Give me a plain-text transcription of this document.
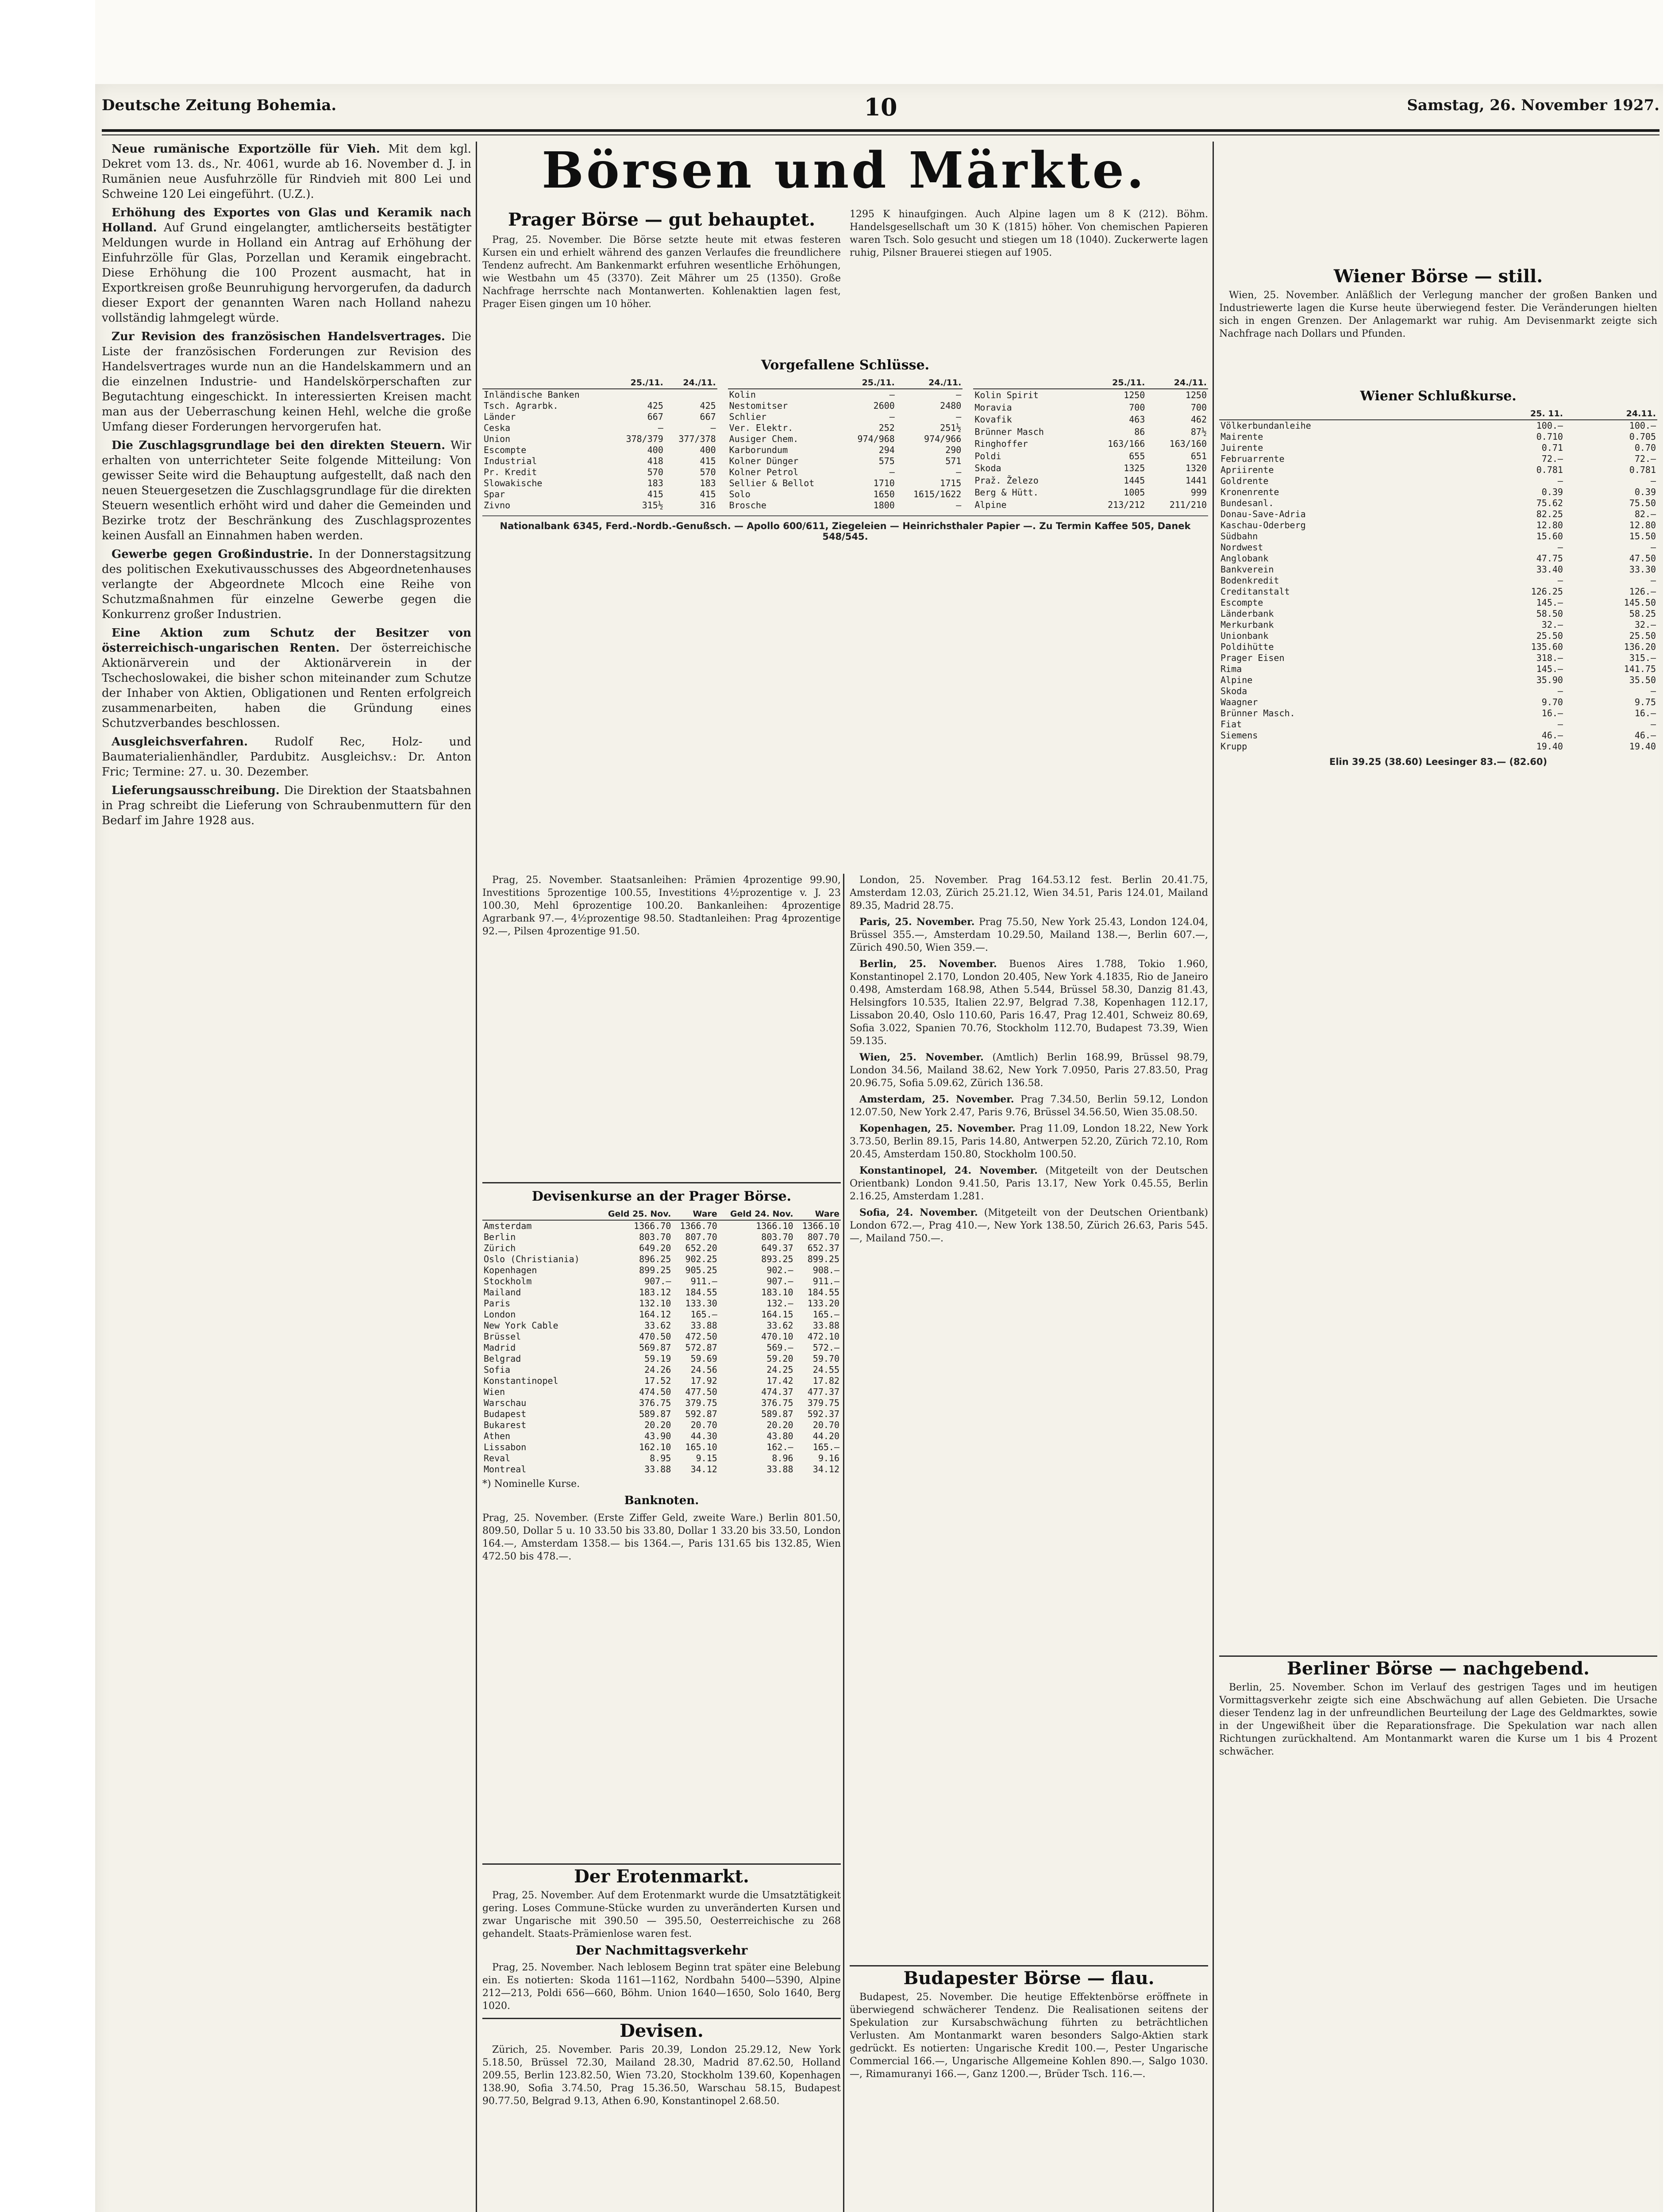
Deutsche Zeitung Bohemia.	10	Samstag, 26. November 1927.

Neue rumänische Exportzölle für Vieh. Mit dem kgl. Dekret vom 13. ds., Nr. 4061, wurde ab 16. November d. J. in Rumänien neue Ausfuhrzölle für Rindvieh mit 800 Lei und Schweine 120 Lei eingeführt. (U.Z.).

Erhöhung des Exportes von Glas und Keramik nach Holland. Auf Grund eingelangter, amtlicherseits bestätigter Meldungen wurde in Holland ein Antrag auf Erhöhung der Einfuhrzölle für Glas, Porzellan und Keramik eingebracht. Diese Erhöhung die 100 Prozent ausmacht, hat in Exportkreisen große Beunruhigung hervorgerufen, da dadurch dieser Export der genannten Waren nach Holland nahezu vollständig lahmgelegt würde.

Zur Revision des französischen Handelsvertrages. Die Liste der französischen Forderungen zur Revision des Handelsvertrages wurde nun an die Handelskammern und an die einzelnen Industrie- und Handelskörperschaften zur Begutachtung eingeschickt. In interessierten Kreisen macht man aus der Ueberraschung keinen Hehl, welche die große Umfang dieser Forderungen hervorgerufen hat.

Die Zuschlagsgrundlage bei den direkten Steuern. Wir erhalten von unterrichteter Seite folgende Mitteilung: Von gewisser Seite wird die Behauptung aufgestellt, daß nach den neuen Steuergesetzen die Zuschlagsgrundlage für die direkten Steuern wesentlich erhöht wird und daher die Gemeinden und Bezirke trotz der Beschränkung des Zuschlagsprozentes keinen Ausfall an Einnahmen haben werden.

Gewerbe gegen Großindustrie. In der Donnerstagsitzung des politischen Exekutivausschusses des Abgeordnetenhauses verlangte der Abgeordnete Mlcoch eine Reihe von Schutzmaßnahmen für einzelne Gewerbe gegen die Konkurrenz großer Industrien.

Eine Aktion zum Schutz der Besitzer von österreichisch-ungarischen Renten. Der österreichische Aktionärverein und der Aktionärverein in der Tschechoslowakei, die bisher schon miteinander zum Schutze der Inhaber von Aktien, Obligationen und Renten erfolgreich zusammenarbeiten, haben die Gründung eines Schutzverbandes beschlossen.

Ausgleichsverfahren. Rudolf Rec, Holz- und Baumaterialienhändler, Pardubitz. Ausgleichsv.: Dr. Anton Fric; Termine: 27. u. 30. Dezember.

Lieferungsausschreibung. Die Direktion der Staatsbahnen in Prag schreibt die Lieferung von Schraubenmuttern für den Bedarf im Jahre 1928 aus.

Börsen und Märkte.
Prager Börse — gut behauptet.

Prag, 25. November. Die Börse setzte heute mit etwas festeren Kursen ein und erhielt während des ganzen Verlaufes die freundlichere Tendenz aufrecht. Am Bankenmarkt erfuhren wesentliche Erhöhungen, wie Westbahn um 45 (3370). Zeit Mährer um 25 (1350). Große Nachfrage herrschte nach Montanwerten. Kohlenaktien lagen fest, Prager Eisen gingen um 10 höher.

1295 K hinaufgingen. Auch Alpine lagen um 8 K (212). Böhm. Handelsgesellschaft um 30 K (1815) höher. Von chemischen Papieren waren Tsch. Solo gesucht und stiegen um 18 (1040). Zuckerwerte lagen ruhig, Pilsner Brauerei stiegen auf 1905.

Vorgefallene Schlüsse.
	25./11.	24./11.
Inländische Banken		
Tsch. Agrarbk.	425	425
Länder	667	667
Ceska	—	—
Union	378/379	377/378
Escompte	400	400
Industrial	418	415
Pr. Kredit	570	570
Slowakische	183	183
Spar	415	415
Zivno	315½	316
	25./11.	24./11.
Kolin	—	—
Nestomitser	2600	2480
Schlier	—	—
Ver. Elektr.	252	251½
Ausiger Chem.	974/968	974/966
Karborundum	294	290
Kolner Dünger	575	571
Kolner Petrol	—	—
Sellier & Bellot	1710	1715
Solo	1650	1615/1622
Brosche	1800	—
	25./11.	24./11.
Kolin Spirit	1250	1250
Moravia	700	700
Kovafik	463	462
Brünner Masch	86	87½
Ringhoffer	163/166	163/160
Poldi	655	651
Skoda	1325	1320
Praž. Železo	1445	1441
Berg & Hütt.	1005	999
Alpine	213/212	211/210
Nationalbank 6345, Ferd.-Nordb.-Genußsch. — Apollo 600/611, Ziegeleien — Heinrichsthaler Papier —. Zu Termin Kaffee 505, Danek 548/545.

Prag, 25. November. Staatsanleihen: Prämien 4prozentige 99.90, Investitions 5prozentige 100.55, Investitions 4½prozentige v. J. 23 100.30, Mehl 6prozentige 100.20. Bankanleihen: 4prozentige Agrarbank 97.—, 4½prozentige 98.50. Stadtanleihen: Prag 4prozentige 92.—, Pilsen 4prozentige 91.50.

Devisenkurse an der Prager Börse.
	Geld 25. Nov.	Ware	Geld 24. Nov.	Ware
Amsterdam	1366.70	1366.70	1366.10	1366.10
Berlin	803.70	807.70	803.70	807.70
Zürich	649.20	652.20	649.37	652.37
Oslo (Christiania)	896.25	902.25	893.25	899.25
Kopenhagen	899.25	905.25	902.—	908.—
Stockholm	907.—	911.—	907.—	911.—
Mailand	183.12	184.55	183.10	184.55
Paris	132.10	133.30	132.—	133.20
London	164.12	165.—	164.15	165.—
New York Cable	33.62	33.88	33.62	33.88
Brüssel	470.50	472.50	470.10	472.10
Madrid	569.87	572.87	569.—	572.—
Belgrad	59.19	59.69	59.20	59.70
Sofia	24.26	24.56	24.25	24.55
Konstantinopel	17.52	17.92	17.42	17.82
Wien	474.50	477.50	474.37	477.37
Warschau	376.75	379.75	376.75	379.75
Budapest	589.87	592.87	589.87	592.37
Bukarest	20.20	20.70	20.20	20.70
Athen	43.90	44.30	43.80	44.20
Lissabon	162.10	165.10	162.—	165.—
Reval	8.95	9.15	8.96	9.16
Montreal	33.88	34.12	33.88	34.12
*) Nominelle Kurse.
Banknoten.
Prag, 25. November. (Erste Ziffer Geld, zweite Ware.) Berlin 801.50, 809.50, Dollar 5 u. 10 33.50 bis 33.80, Dollar 1 33.20 bis 33.50, London 164.—, Amsterdam 1358.— bis 1364.—, Paris 131.65 bis 132.85, Wien 472.50 bis 478.—.
Der Erotenmarkt.

Prag, 25. November. Auf dem Erotenmarkt wurde die Umsatztätigkeit gering. Loses Commune-Stücke wurden zu unveränderten Kursen und zwar Ungarische mit 390.50 — 395.50, Oesterreichische zu 268 gehandelt. Staats-Prämienlose waren fest.

Der Nachmittagsverkehr

Prag, 25. November. Nach leblosem Beginn trat später eine Belebung ein. Es notierten: Skoda 1161—1162, Nordbahn 5400—5390, Alpine 212—213, Poldi 656—660, Böhm. Union 1640—1650, Solo 1640, Berg 1020.

Devisen.

Zürich, 25. November. Paris 20.39, London 25.29.12, New York 5.18.50, Brüssel 72.30, Mailand 28.30, Madrid 87.62.50, Holland 209.55, Berlin 123.82.50, Wien 73.20, Stockholm 139.60, Kopenhagen 138.90, Sofia 3.74.50, Prag 15.36.50, Warschau 58.15, Budapest 90.77.50, Belgrad 9.13, Athen 6.90, Konstantinopel 2.68.50.

London, 25. November. Prag 164.53.12 fest. Berlin 20.41.75, Amsterdam 12.03, Zürich 25.21.12, Wien 34.51, Paris 124.01, Mailand 89.35, Madrid 28.75.

Paris, 25. November. Prag 75.50, New York 25.43, London 124.04, Brüssel 355.—, Amsterdam 10.29.50, Mailand 138.—, Berlin 607.—, Zürich 490.50, Wien 359.—.

Berlin, 25. November. Buenos Aires 1.788, Tokio 1.960, Konstantinopel 2.170, London 20.405, New York 4.1835, Rio de Janeiro 0.498, Amsterdam 168.98, Athen 5.544, Brüssel 58.30, Danzig 81.43, Helsingfors 10.535, Italien 22.97, Belgrad 7.38, Kopenhagen 112.17, Lissabon 20.40, Oslo 110.60, Paris 16.47, Prag 12.401, Schweiz 80.69, Sofia 3.022, Spanien 70.76, Stockholm 112.70, Budapest 73.39, Wien 59.135.

Wien, 25. November. (Amtlich) Berlin 168.99, Brüssel 98.79, London 34.56, Mailand 38.62, New York 7.0950, Paris 27.83.50, Prag 20.96.75, Sofia 5.09.62, Zürich 136.58.

Amsterdam, 25. November. Prag 7.34.50, Berlin 59.12, London 12.07.50, New York 2.47, Paris 9.76, Brüssel 34.56.50, Wien 35.08.50.

Kopenhagen, 25. November. Prag 11.09, London 18.22, New York 3.73.50, Berlin 89.15, Paris 14.80, Antwerpen 52.20, Zürich 72.10, Rom 20.45, Amsterdam 150.80, Stockholm 100.50.

Konstantinopel, 24. November. (Mitgeteilt von der Deutschen Orientbank) London 9.41.50, Paris 13.17, New York 0.45.55, Berlin 2.16.25, Amsterdam 1.281.

Sofia, 24. November. (Mitgeteilt von der Deutschen Orientbank) London 672.—, Prag 410.—, New York 138.50, Zürich 26.63, Paris 545.—, Mailand 750.—.

Budapester Börse — flau.

Budapest, 25. November. Die heutige Effektenbörse eröffnete in überwiegend schwächerer Tendenz. Die Realisationen seitens der Spekulation zur Kursabschwächung führten zu beträchtlichen Verlusten. Am Montanmarkt waren besonders Salgo-Aktien stark gedrückt. Es notierten: Ungarische Kredit 100.—, Pester Ungarische Commercial 166.—, Ungarische Allgemeine Kohlen 890.—, Salgo 1030.—, Rimamuranyi 166.—, Ganz 1200.—, Brüder Tsch. 116.—.

Wiener Börse — still.

Wien, 25. November. Anläßlich der Verlegung mancher der großen Banken und Industriewerte lagen die Kurse heute überwiegend fester. Die Veränderungen hielten sich in engen Grenzen. Der Anlagemarkt war ruhig. Am Devisenmarkt zeigte sich Nachfrage nach Dollars und Pfunden.

Wiener Schlußkurse.
	25. 11.	24.11.
Völkerbundanleihe	100.—	100.—
Mairente	0.710	0.705
Juirente	0.71	0.70
Februarrente	72.—	72.—
Apriirente	0.781	0.781
Goldrente	—	—
Kronenrente	0.39	0.39
Bundesanl.	75.62	75.50
Donau-Save-Adria	82.25	82.—
Kaschau-Oderberg	12.80	12.80
Südbahn	15.60	15.50
Nordwest	—	—
Anglobank	47.75	47.50
Bankverein	33.40	33.30
Bodenkredit	—	—
Creditanstalt	126.25	126.—
Escompte	145.—	145.50
Länderbank	58.50	58.25
Merkurbank	32.—	32.—
Unionbank	25.50	25.50
Poldihütte	135.60	136.20
Prager Eisen	318.—	315.—
Rima	145.—	141.75
Alpine	35.90	35.50
Skoda	—	—
Waagner	9.70	9.75
Brünner Masch.	16.—	16.—
Fiat	—	—
Siemens	46.—	46.—
Krupp	19.40	19.40
Elin 39.25 (38.60) Leesinger 83.— (82.60)
Berliner Börse — nachgebend.

Berlin, 25. November. Schon im Verlauf des gestrigen Tages und im heutigen Vormittagsverkehr zeigte sich eine Abschwächung auf allen Gebieten. Die Ursache dieser Tendenz lag in der unfreundlichen Beurteilung der Lage des Geldmarktes, sowie in der Ungewißheit über die Reparationsfrage. Die Spekulation war nach allen Richtungen zurückhaltend. Am Montanmarkt waren die Kurse um 1 bis 4 Prozent schwächer.
